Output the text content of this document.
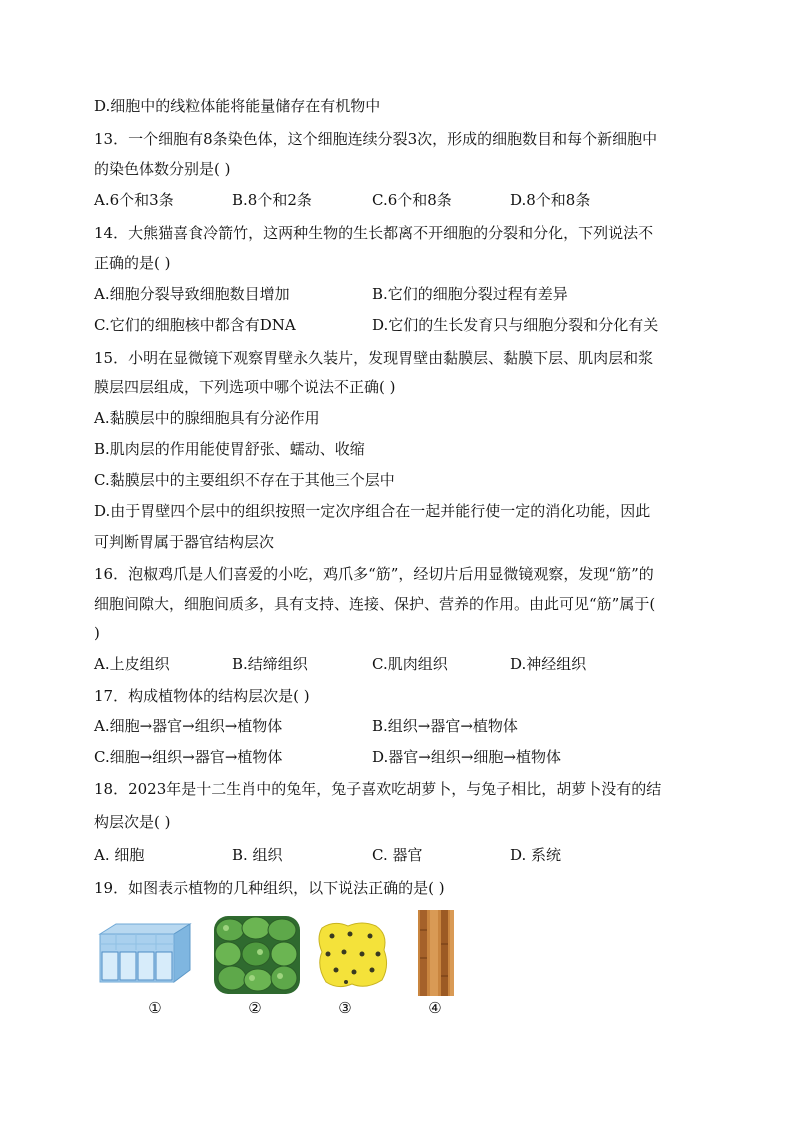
D.细胞中的线粒体能将能量储存在有机物中
13．一个细胞有8条染色体，这个细胞连续分裂3次，形成的细胞数目和每个新细胞中
的染色体数分别是( )
A.6个和3条	B.8个和2条	C.6个和8条	D.8个和8条
14．大熊猫喜食冷箭竹，这两种生物的生长都离不开细胞的分裂和分化，下列说法不
正确的是( )
A.细胞分裂导致细胞数目增加	B.它们的细胞分裂过程有差异
C.它们的细胞核中都含有DNA	D.它们的生长发育只与细胞分裂和分化有关
15．小明在显微镜下观察胃壁永久装片，发现胃壁由黏膜层、黏膜下层、肌肉层和浆
膜层四层组成，下列选项中哪个说法不正确( )
A.黏膜层中的腺细胞具有分泌作用
B.肌肉层的作用能使胃舒张、蠕动、收缩
C.黏膜层中的主要组织不存在于其他三个层中
D.由于胃壁四个层中的组织按照一定次序组合在一起并能行使一定的消化功能，因此
可判断胃属于器官结构层次
16．泡椒鸡爪是人们喜爱的小吃，鸡爪多“筋”，经切片后用显微镜观察，发现“筋”的
细胞间隙大，细胞间质多，具有支持、连接、保护、营养的作用。由此可见“筋”属于(
)
A.上皮组织	B.结缔组织	C.肌肉组织	D.神经组织
17．构成植物体的结构层次是( )
A.细胞→器官→组织→植物体	B.组织→器官→植物体
C.细胞→组织→器官→植物体	D.器官→组织→细胞→植物体
18．2023年是十二生肖中的兔年，兔子喜欢吃胡萝卜，与兔子相比，胡萝卜没有的结
构层次是( )
A. 细胞	B. 组织	C. 器官	D. 系统
19．如图表示植物的几种组织，以下说法正确的是( )
①	②	③	④
